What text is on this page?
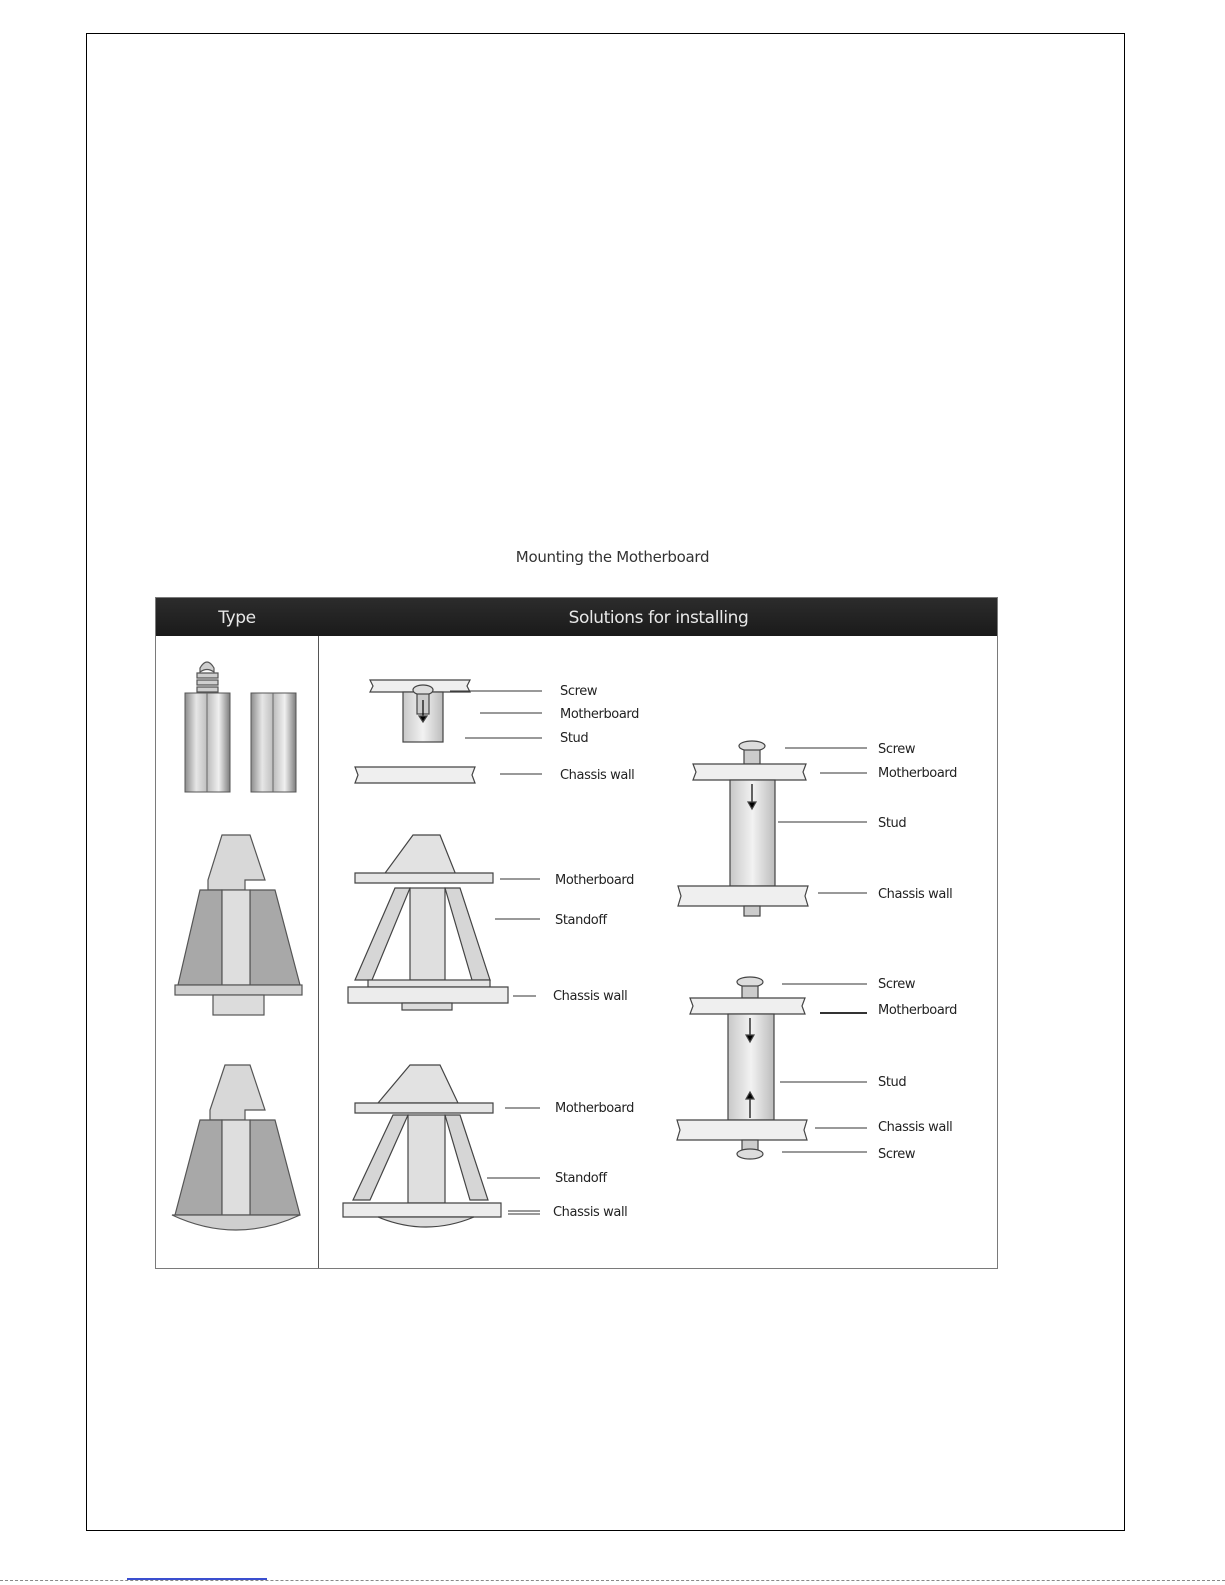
Mounting the Motherboard
Type	Solutions for installing
Screw
Motherboard
Stud
Chassis wall
Motherboard
Standoff
Chassis wall
Motherboard
Standoff
Chassis wall
Screw
Motherboard
Stud
Chassis wall
Screw
Motherboard
Stud
Chassis wall
Screw
